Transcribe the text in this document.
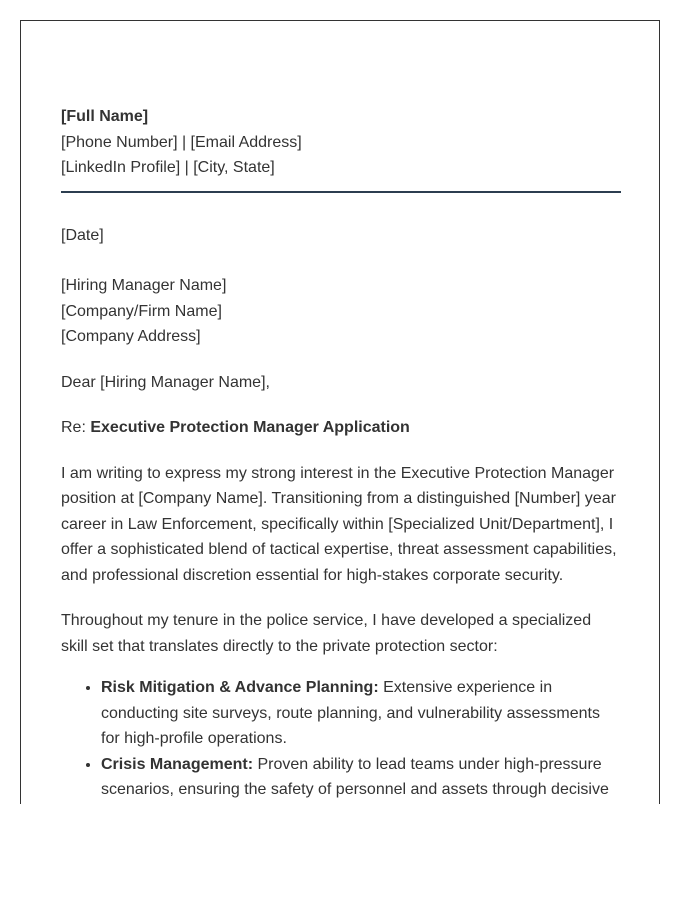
[Full Name]
[Phone Number] | [Email Address]
[LinkedIn Profile] | [City, State]

[Date]

[Hiring Manager Name]
[Company/Firm Name]
[Company Address]

Dear [Hiring Manager Name],

Re: Executive Protection Manager Application

I am writing to express my strong interest in the Executive Protection Manager position at [Company Name]. Transitioning from a distinguished [Number] year career in Law Enforcement, specifically within [Specialized Unit/Department], I offer a sophisticated blend of tactical expertise, threat assessment capabilities, and professional discretion essential for high-stakes corporate security.

Throughout my tenure in the police service, I have developed a specialized skill set that translates directly to the private protection sector:

• Risk Mitigation & Advance Planning: Extensive experience in conducting site surveys, route planning, and vulnerability assessments for high-profile operations.
• Crisis Management: Proven ability to lead teams under high-pressure scenarios, ensuring the safety of personnel and assets through decisive
